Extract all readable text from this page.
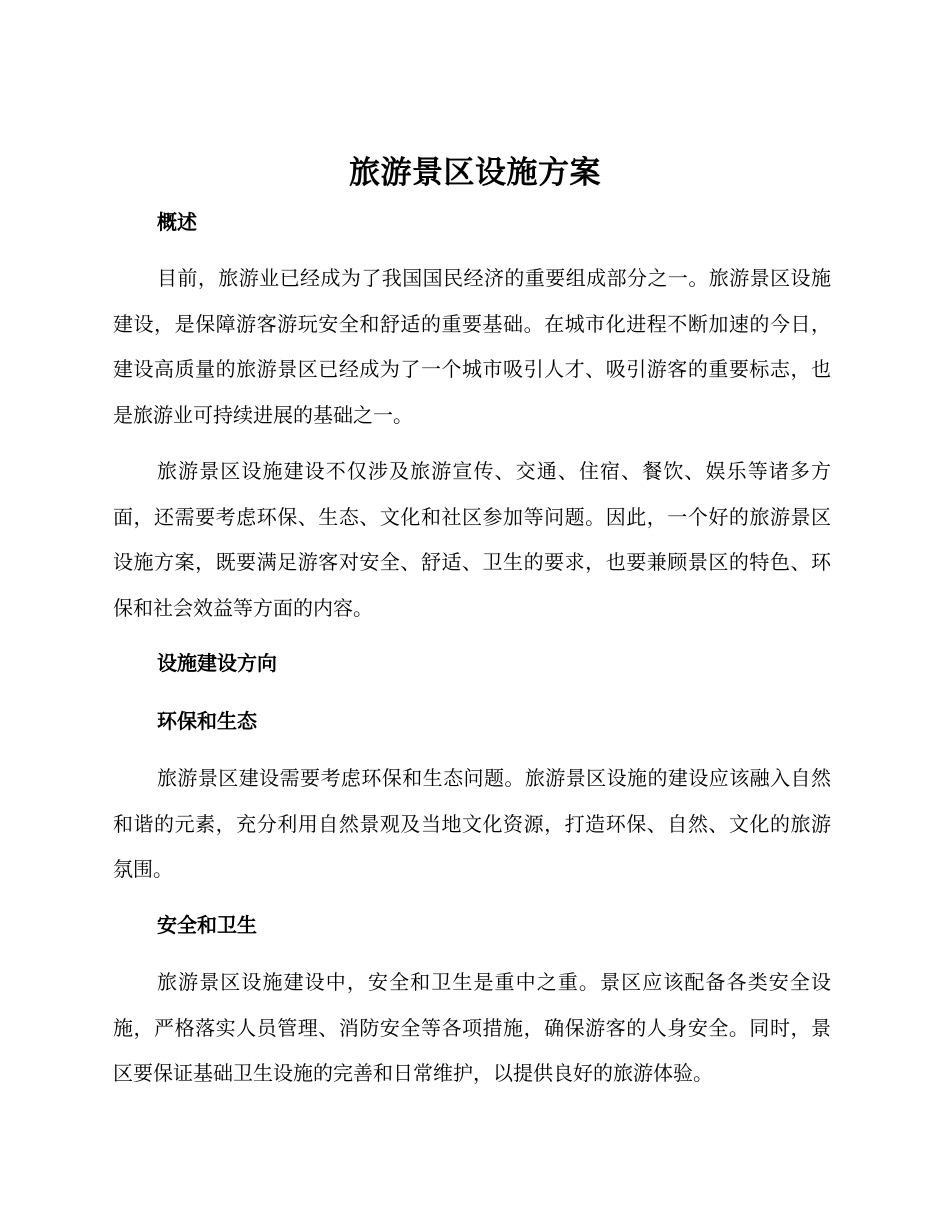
旅游景区设施方案
概述
目前，旅游业已经成为了我国国民经济的重要组成部分之一。旅游景区设施建设，是保障游客游玩安全和舒适的重要基础。在城市化进程不断加速的今日，建设高质量的旅游景区已经成为了一个城市吸引人才、吸引游客的重要标志，也是旅游业可持续进展的基础之一。
旅游景区设施建设不仅涉及旅游宣传、交通、住宿、餐饮、娱乐等诸多方面，还需要考虑环保、生态、文化和社区参加等问题。因此，一个好的旅游景区设施方案，既要满足游客对安全、舒适、卫生的要求，也要兼顾景区的特色、环保和社会效益等方面的内容。
设施建设方向
环保和生态
旅游景区建设需要考虑环保和生态问题。旅游景区设施的建设应该融入自然和谐的元素，充分利用自然景观及当地文化资源，打造环保、自然、文化的旅游氛围。
安全和卫生
旅游景区设施建设中，安全和卫生是重中之重。景区应该配备各类安全设施，严格落实人员管理、消防安全等各项措施，确保游客的人身安全。同时，景区要保证基础卫生设施的完善和日常维护，以提供良好的旅游体验。
